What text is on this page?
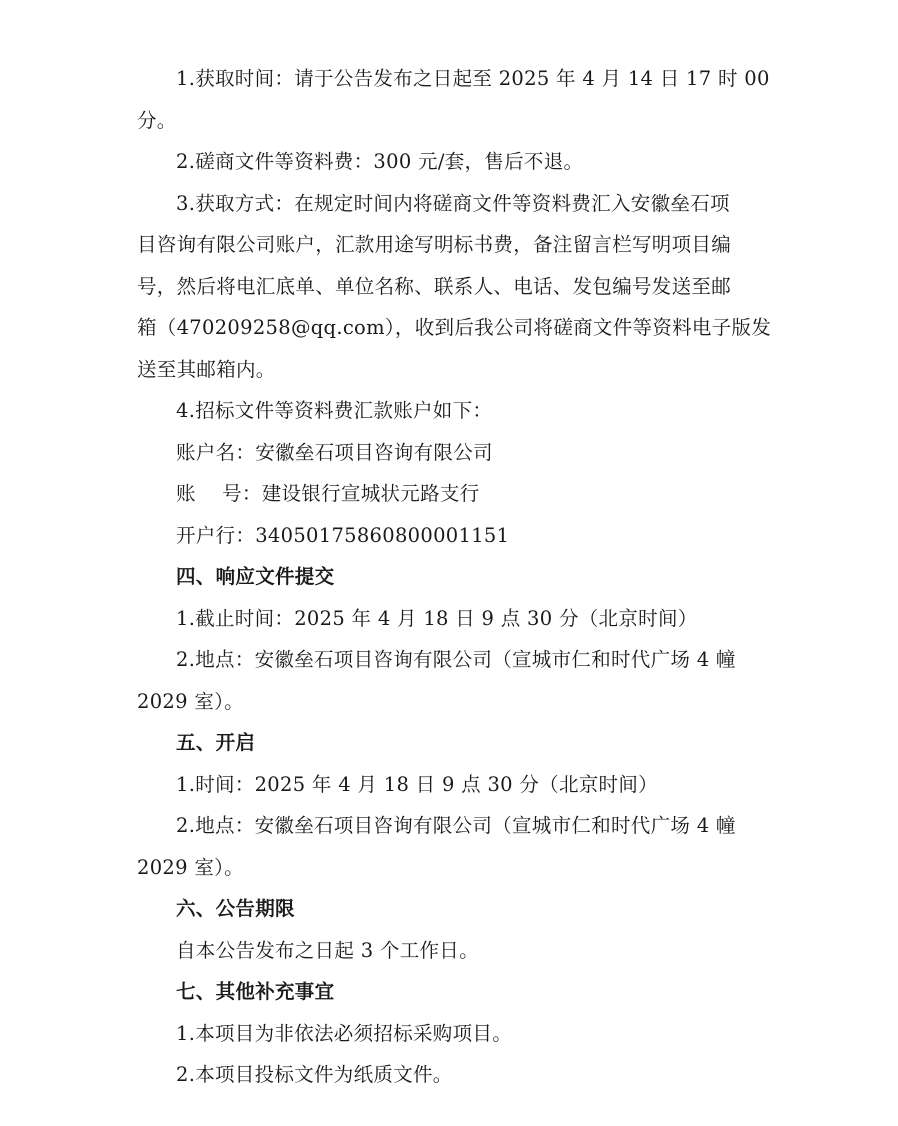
1.获取时间：请于公告发布之日起至 2025 年 4 月 14 日 17 时 00

分。

2.磋商文件等资料费：300 元/套，售后不退。

3.获取方式：在规定时间内将磋商文件等资料费汇入安徽垒石项

目咨询有限公司账户，汇款用途写明标书费，备注留言栏写明项目编

号，然后将电汇底单、单位名称、联系人、电话、发包编号发送至邮

箱（470209258@qq.com），收到后我公司将磋商文件等资料电子版发

送至其邮箱内。

4.招标文件等资料费汇款账户如下：

账户名：安徽垒石项目咨询有限公司

账　 号：建设银行宣城状元路支行

开户行：340501758608000011​51

四、响应文件提交

1.截止时间：2025 年 4 月 18 日 9 点 30 分（北京时间）

2.地点：安徽垒石项目咨询有限公司（宣城市仁和时代广场 4 幢

2029 室）。

五、开启

1.时间：2025 年 4 月 18 日 9 点 30 分（北京时间）

2.地点：安徽垒石项目咨询有限公司（宣城市仁和时代广场 4 幢

2029 室）。

六、公告期限

自本公告发布之日起 3 个工作日。

七、其他补充事宜

1.本项目为非依法必须招标采购项目。

2.本项目投标文件为纸质文件。
